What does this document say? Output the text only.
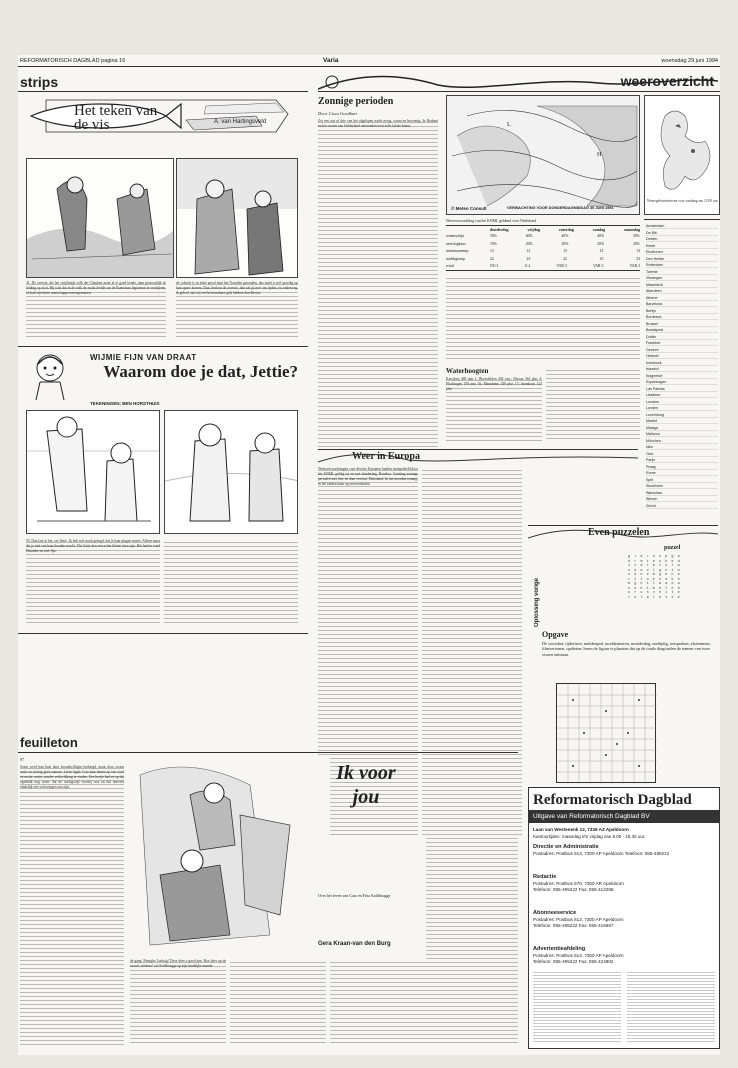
REFORMATORISCH DAGBLAD pagina 16	Varia	woensdag 29 juni 1994
strips
Het teken van de vis	A. van Hartingsveld
41. De overste, die het strijdtuitje volk der Chauken maar al te goed kende, nam persoonlijk de leiding op zich. Hij wist dat in de volk de zucht leefde om de Romeinse legioenen te verdrijven, en had zijn beste manschappen meegenomen.
de cohorte is in ieder geval naar het Noorden gezonden, dus moet u wel spoedig op hun spoor komen. Dan, besloot de overste, dan zal jij met ons rijden, en onderweg, ik geloof, dat wij een betrouwbare gids hebben dan Decius.
WIJMIE FIJN VAN DRAAT
Waarom doe je dat, Jettie?
TEKENINGEN: BEN HORSTHUIS
59. Dan laat je het, zei Jettie. Ik heb ook nooit gezegd, dat je haar plagen moest. Alleen maar dat je niet van haar houden mocht. Die Jettie ken een echte kleine trien zijn. Het harlen vond Hanneke nu niet fijn.
weeroverzicht
Zonnige perioden
Door Cisca Goedhart
Zet een uur of drie van het afgelopen nacht nevig, warm en broeierig. In Brabant en het oosten van Gelderland ontstonden toen zelfs lokale buien.	L
H
© Meteo Consult	VERWACHTING VOOR DONDERDAGMIDDAG 30 JUNI 1994
Weersgebeurtenissen voor vandaag om 12.00 uur
Weersverwachting van het KNMI, geldend voor Nederland
donderdag	vrijdag	zaterdag	zondag	maandag
zonneschijn	50%	60%	40%	40%	50%
neerslagkans	10%	20%	30%	20%	20%
minimumtemp	13	12	13	12	13
middagtemp	22	23	22	23	23
wind	NO 3	O 4	VAR 3	VAR 3	VAR 3
Waterhoogten
Karsdorp 469 min 1; Rheinfelden 284 onv.; Maxau 364 plus 4; Plochingen 158 min 16; Mannheim 358 plus 17; Steinbach 124 plus
Amsterdam
De Bilt
Deelen
Eelde
Eindhoven
Den Helder
Rotterdam
Twente
Vlissingen
Maastricht
Aberdeen
Athene
Barcelona
Berlijn
Bordeaux
Brussel
Boedapest
Dublin
Frankfurt
Genève
Helsinki
Innsbruck
Istanbul
Klagenfurt
Kopenhagen
Las Palmas
Lissabon
Locarno
Londen
Luxemburg
Madrid
Malaga
Mallorca
München
Nice
Oslo
Parijs
Praag
Rome
Split
Stockholm
Warschau
Wenen
Zürich
Weer in Europa
Weersverwachtingen voor diverse Europese landen, meegedeeld door het KNMI, geldig tot en met donderdag. Benelux: Vandaag zonnige perioden met hier en daar een bui. Duitsland: In het noorden zonnig, in het zuiden kans op onweersbuien.
Even puzzelen
Oplossing vorige
puzzel
g l e l o o p g a
d r m t e s b e d
i t d r e t s l w
s e e v l g n i w
s d n e m g e n e
r t t o e n e k h
m g n i l a a d a
s e n t m e t e b
o r u s n e i t e
r o l a l e s s e
Opgave
De woorden: tijdreizen, middenpad, moddermeren, moederdag, oudtijdig, toespraken, afstemmen, filmvertonen, opdieten; lezen de figuur te plaatsen dat op de totale diagonalen de namen van twee vissen ontstaan.
feuilleton
97
Soms werd hun huis door kwaadwilligen bedreigd, maar door zwaar werk en weinig geen rumoer. Leem legde Cato haar benen op een stoel en rustte, rustte, zonder verkwikking te vinden. Een beetje had ze op dat ogenblik nog rouw: dat de oorlogstijd voorbij was en dat hoeveel eindelijk een verlovingen zou zijn.
Ik voor jou
Over het leven van Cato en Fritz Kohlbrugge
Gera Kraan-van den Burg
de gang. Brenghe Ludwig! Deze doet u goed aan. Hoe later op de avond, stiekem? zei Kohlbrugge op zijn hartelijke manier.
Reformatorisch Dagblad
Uitgave van Reformatorisch Dagblad BV
Laan van Westenenk 12, 7336 AZ Apeldoorn
Kantoortijden: maandag t/m vrijdag van 8.00 - 16.30 uur.
Directie en Administratie
Postadres: Postbus 613, 7300 AP Apeldoorn Telefoon: 055-495222
Redactie
Postadres: Postbus 670, 7300 AR Apeldoorn
Telefoon: 055-495222 Fax: 055-412288
Abonneeservice
Postadres: Postbus 613, 7300 AP Apeldoorn
Telefoon: 055-495222 Fax: 055-415687
Advertentieafdeling
Postadres: Postbus 613, 7300 AP Apeldoorn
Telefoon: 055-495222 Fax: 055-424802
